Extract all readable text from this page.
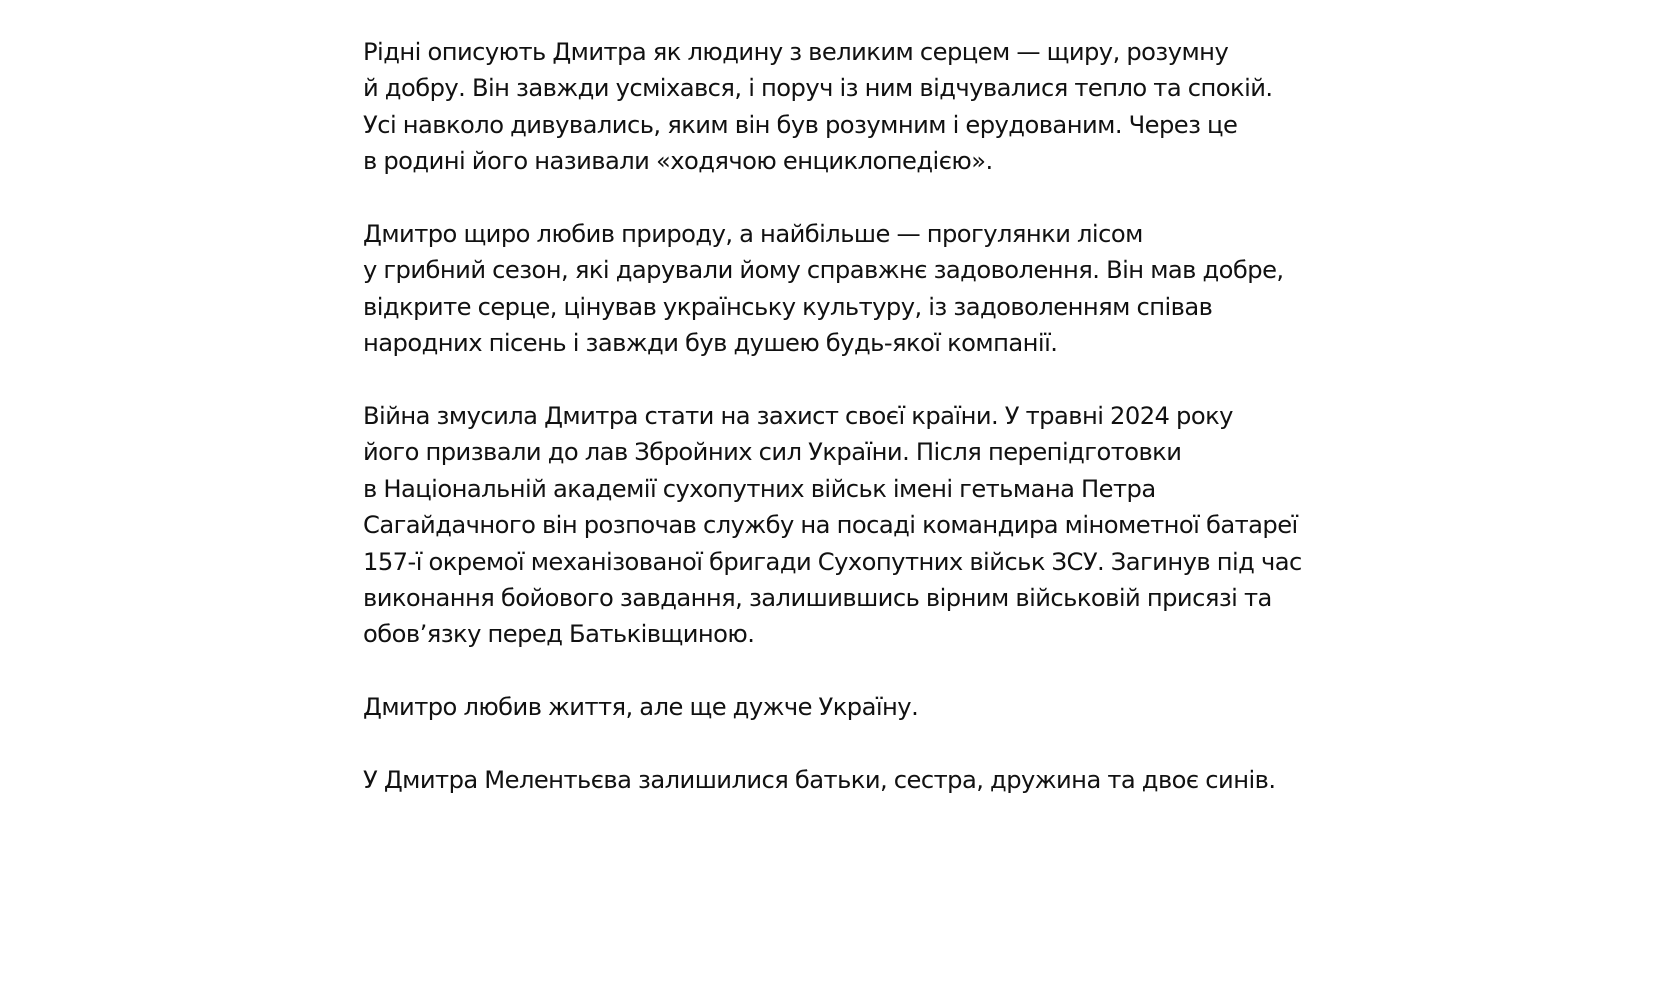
Рідні описують Дмитра як людину з великим серцем — щиру, розумну
й добру. Він завжди усміхався, і поруч із ним відчувалися тепло та спокій.
Усі навколо дивувались, яким він був розумним і ерудованим. Через це
в родині його називали «ходячою енциклопедією».

Дмитро щиро любив природу, а найбільше — прогулянки лісом
у грибний сезон, які дарували йому справжнє задоволення. Він мав добре,
відкрите серце, цінував українську культуру, із задоволенням співав
народних пісень і завжди був душею будь-якої компанії.

Війна змусила Дмитра стати на захист своєї країни. У травні 2024 року
його призвали до лав Збройних сил України. Після перепідготовки
в Національній академії сухопутних військ імені гетьмана Петра
Сагайдачного він розпочав службу на посаді командира мінометної батареї
157-ї окремої механізованої бригади Сухопутних військ ЗСУ. Загинув під час
виконання бойового завдання, залишившись вірним військовій присязі та
обов’язку перед Батьківщиною.

Дмитро любив життя, але ще дужче Україну.

У Дмитра Мелентьєва залишилися батьки, сестра, дружина та двоє синів.
